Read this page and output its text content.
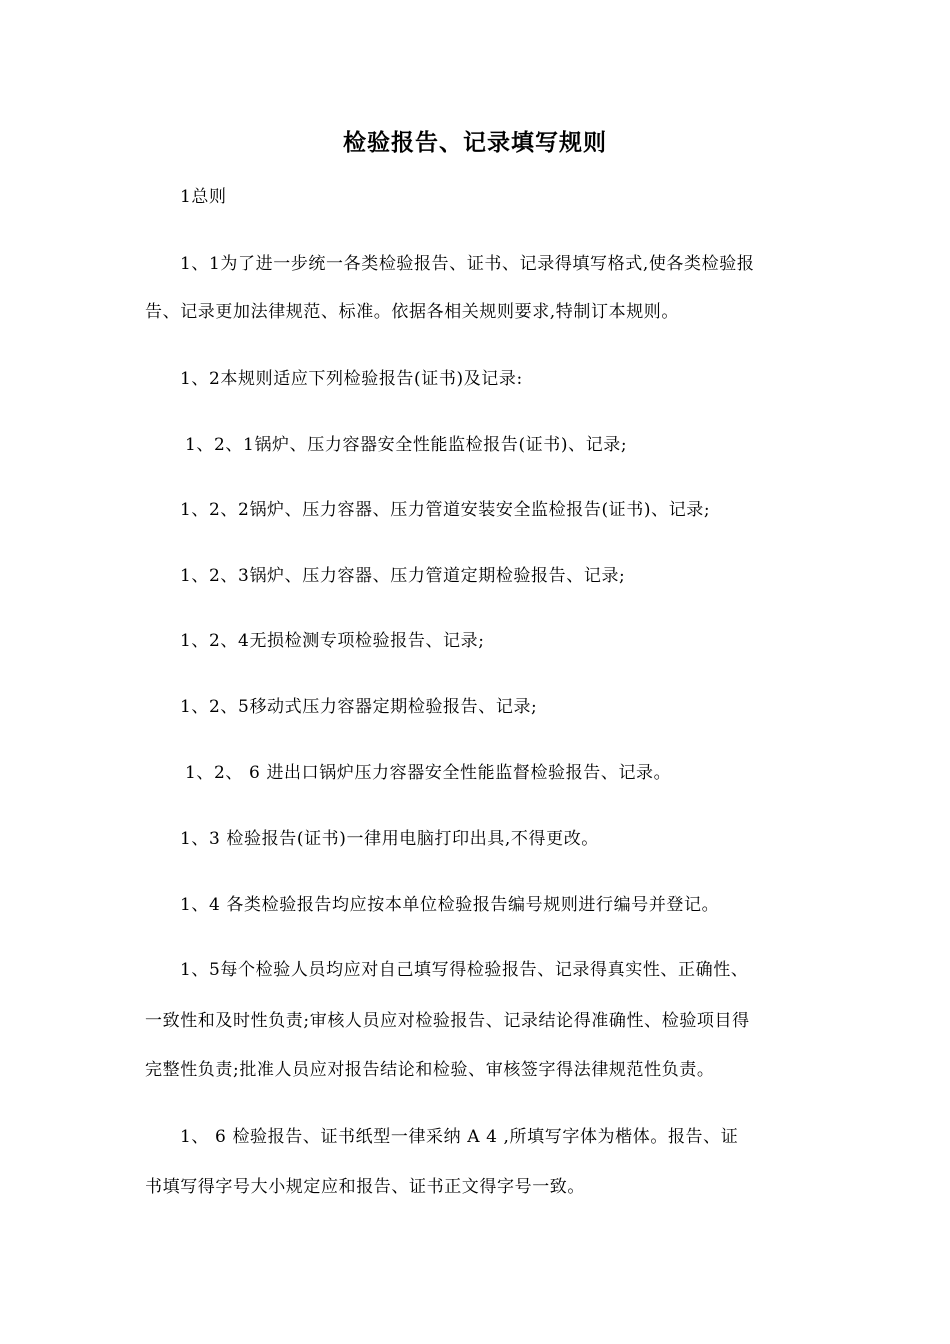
检验报告、记录填写规则
1总则
1、1为了进一步统一各类检验报告、证书、记录得填写格式,使各类检验报
告、记录更加法律规范、标准。依据各相关规则要求,特制订本规则。
1、2本规则适应下列检验报告(证书)及记录:
1、2、1锅炉、压力容器安全性能监检报告(证书)、记录;
1、2、2锅炉、压力容器、压力管道安装安全监检报告(证书)、记录;
1、2、3锅炉、压力容器、压力管道定期检验报告、记录;
1、2、4无损检测专项检验报告、记录;
1、2、5移动式压力容器定期检验报告、记录;
1、2、 6 进出口锅炉压力容器安全性能监督检验报告、记录。
1、3 检验报告(证书)一律用电脑打印出具,不得更改。
1、4 各类检验报告均应按本单位检验报告编号规则进行编号并登记。
1、5每个检验人员均应对自己填写得检验报告、记录得真实性、正确性、
一致性和及时性负责;审核人员应对检验报告、记录结论得准确性、检验项目得
完整性负责;批准人员应对报告结论和检验、审核签字得法律规范性负责。
1、 6 检验报告、证书纸型一律采纳 A 4 ,所填写字体为楷体。报告、证
书填写得字号大小规定应和报告、证书正文得字号一致。
